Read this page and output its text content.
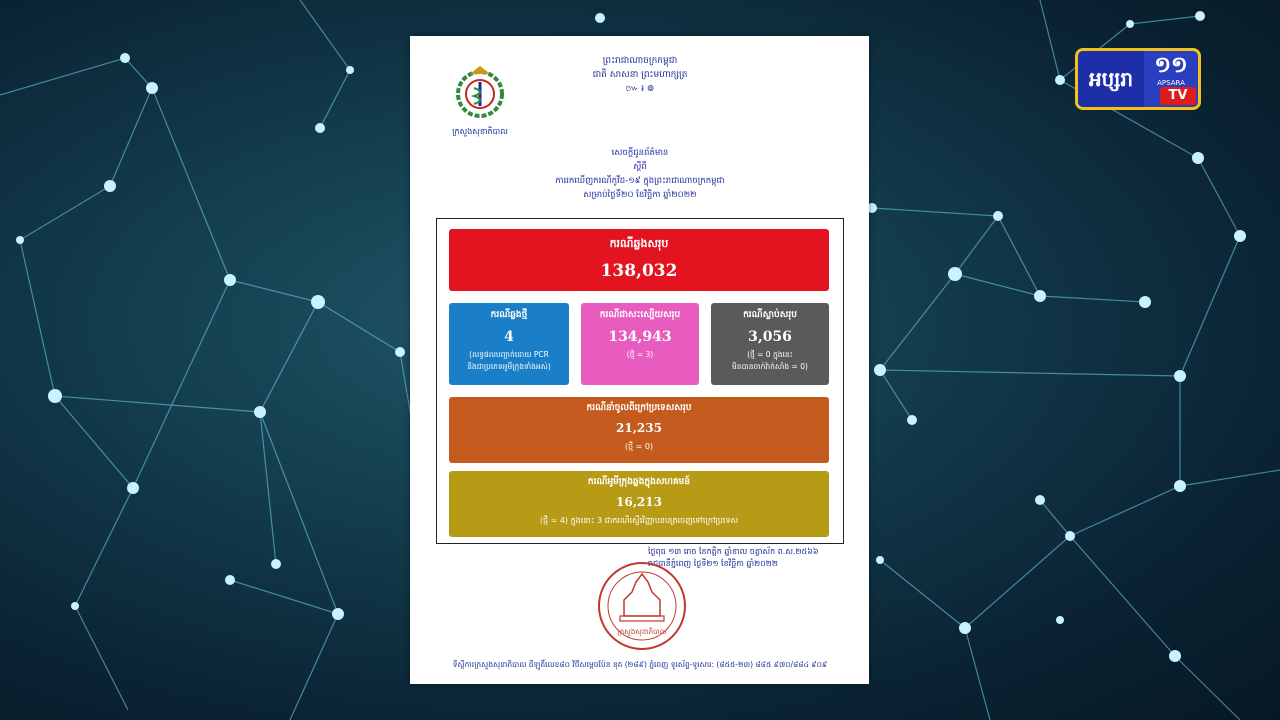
ព្រះរាជាណាចក្រកម្ពុជា
ជាតិ សាសនា ព្រះមហាក្សត្រ
៚ ៛ ៙
ក្រសួងសុខាភិបាល
សេចក្តីជូនព័ត៌មាន
ស្តីពី
ការរកឃើញករណីកូវីដ-១៩ ក្នុងព្រះរាជាណាចក្រកម្ពុជា
សម្រាប់ថ្ងៃទី២០ ខែវិច្ឆិកា ឆ្នាំ២០២២
ករណីឆ្លងសរុប
138,032
ករណីឆ្លងថ្មី
4
(លទ្ធផលបញ្ជាក់ដោយ PCR
និងជាប្រភេទអូមីក្រុងទាំងអស់)
ករណីជាសះស្បើយសរុប
134,943
(ថ្មី = 3)
ករណីស្លាប់សរុប
3,056
(ថ្មី = 0 ក្នុងនេះ
មិនបានចាក់វ៉ាក់សាំង = 0)
ករណីនាំចូលពីក្រៅប្រទេសសរុប
21,235
(ថ្មី = 0)
ករណីអូមីក្រុងឆ្លងក្នុងសហគមន៍
16,213
(ថ្មី = 4) ក្នុងនោះ 3 ជាករណីស្ទើរវិញ្ញាបនបត្រចេញទៅក្រៅប្រទេស
ថ្ងៃពុធ ១៣ រោច ខែកត្តិក ឆ្នាំខាល ចត្វាស័ក ព.ស.២៥៦៦
រាជធានីភ្នំពេញ ថ្ងៃទី២១ ខែវិច្ឆិកា ឆ្នាំ២០២២
ក្រសួងសុខាភិបាល
ទីស្តីការក្រសួងសុខាភិបាល ដីឡូតិ៍លេខ៨០ វិថីសម្តេចប៉ែន នុត (២៨៩) ភ្នំពេញ ទូរស័ព្ទ-ទូរសារ: (៨៥៥-២៣) ៨៨៥ ៩៧០/៨៨៤ ៩០៩
អប្សរា
១១
APSARA
TV
